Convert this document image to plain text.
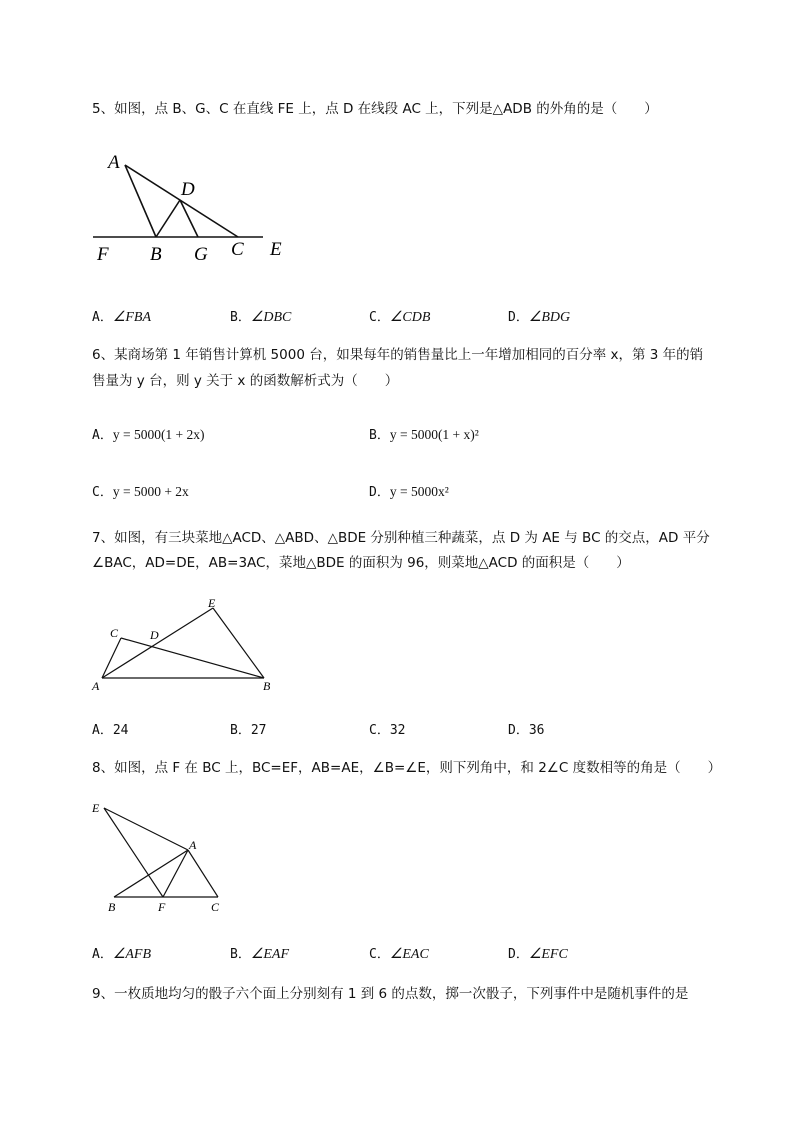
5、如图，点 B、G、C 在直线 FE 上，点 D 在线段 AC 上，下列是△ADB 的外角的是（　　）
A
D
F B G C E
A．∠FBA	B．∠DBC	C．∠CDB	D．∠BDG
6、某商场第 1 年销售计算机 5000 台，如果每年的销售量比上一年增加相同的百分率 x，第 3 年的销
售量为 y 台，则 y 关于 x 的函数解析式为（　　）
A．y = 5000(1 + 2x)	B．y = 5000(1 + x)²
C．y = 5000 + 2x	D．y = 5000x²
7、如图，有三块菜地△ACD、△ABD、△BDE 分别种植三种蔬菜，点 D 为 AE 与 BC 的交点，AD 平分
∠BAC，AD=DE，AB=3AC，菜地△BDE 的面积为 96，则菜地△ACD 的面积是（　　）
E
C	D
A	B
A．24	B．27	C．32	D．36
8、如图，点 F 在 BC 上，BC=EF，AB=AE，∠B=∠E，则下列角中，和 2∠C 度数相等的角是（　　）
E
A
B	F	C
A．∠AFB	B．∠EAF	C．∠EAC	D．∠EFC
9、一枚质地均匀的骰子六个面上分别刻有 1 到 6 的点数，掷一次骰子，下列事件中是随机事件的是
